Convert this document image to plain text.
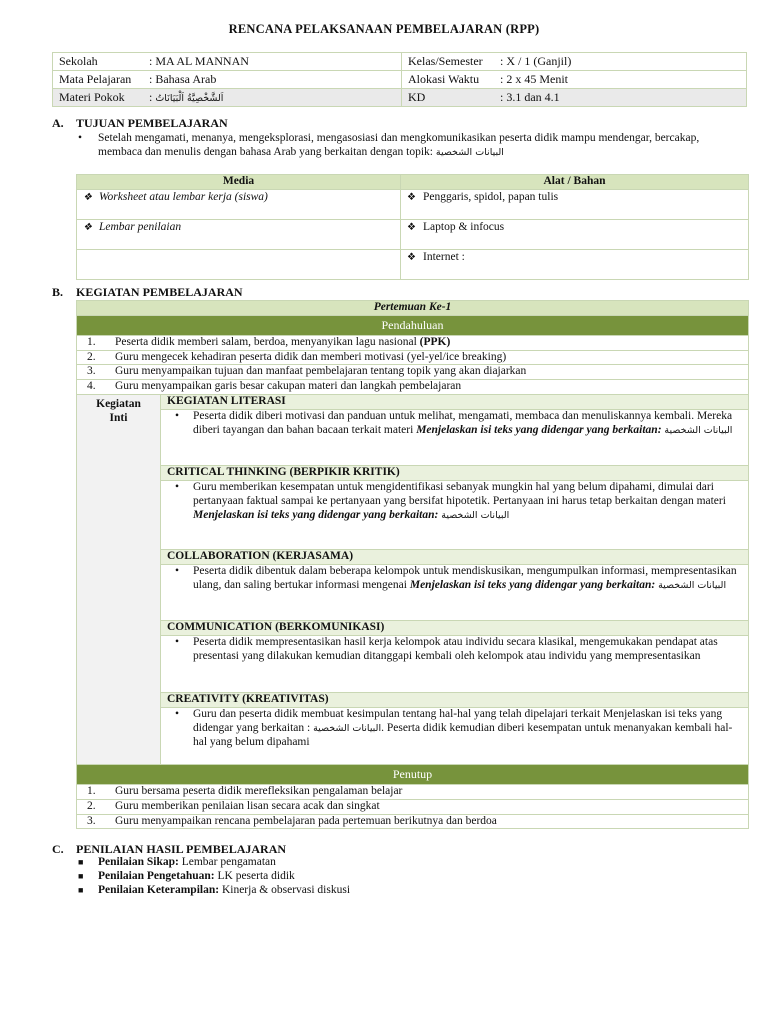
RENCANA PELAKSANAAN PEMBELAJARAN (RPP)
Sekolah : MA AL MANNAN	Kelas/Semester : X / 1 (Ganjil)
Mata Pelajaran : Bahasa Arab	Alokasi Waktu : 2 x 45 Menit
Materi Pokok : اَلشَّخْصِيَّةُ اَلْبَيَانَاتُ	KD : 3.1 dan 4.1
A. TUJUAN PEMBELAJARAN
• Setelah mengamati, menanya, mengeksplorasi, mengasosiasi dan mengkomunikasikan peserta didik mampu mendengar, bercakap, membaca dan menulis dengan bahasa Arab yang berkaitan dengan topik: البيانات الشخصية
Media	Alat / Bahan
❖ Worksheet atau lembar kerja (siswa)	❖ Penggaris, spidol, papan tulis
❖ Lembar penilaian	❖ Laptop & infocus
	❖ Internet :
B. KEGIATAN PEMBELAJARAN
Pertemuan Ke-1
Pendahuluan
1. Peserta didik memberi salam, berdoa, menyanyikan lagu nasional (PPK)
2. Guru mengecek kehadiran peserta didik dan memberi motivasi (yel-yel/ice breaking)
3. Guru menyampaikan tujuan dan manfaat pembelajaran tentang topik yang akan diajarkan
4. Guru menyampaikan garis besar cakupan materi dan langkah pembelajaran
Kegiatan
Inti	KEGIATAN LITERASI

• Peserta didik diberi motivasi dan panduan untuk melihat, mengamati, membaca dan menuliskannya kembali. Mereka diberi tayangan dan bahan bacaan terkait materi Menjelaskan isi teks yang didengar yang berkaitan: البيانات الشخصية

CRITICAL THINKING (BERPIKIR KRITIK)

• Guru memberikan kesempatan untuk mengidentifikasi sebanyak mungkin hal yang belum dipahami, dimulai dari pertanyaan faktual sampai ke pertanyaan yang bersifat hipotetik. Pertanyaan ini harus tetap berkaitan dengan materi Menjelaskan isi teks yang didengar yang berkaitan: البيانات الشخصية

COLLABORATION (KERJASAMA)

• Peserta didik dibentuk dalam beberapa kelompok untuk mendiskusikan, mengumpulkan informasi, mempresentasikan ulang, dan saling bertukar informasi mengenai Menjelaskan isi teks yang didengar yang berkaitan: البيانات الشخصية

COMMUNICATION (BERKOMUNIKASI)

• Peserta didik mempresentasikan hasil kerja kelompok atau individu secara klasikal, mengemukakan pendapat atas presentasi yang dilakukan kemudian ditanggapi kembali oleh kelompok atau individu yang mempresentasikan

CREATIVITY (KREATIVITAS)

• Guru dan peserta didik membuat kesimpulan tentang hal-hal yang telah dipelajari terkait Menjelaskan isi teks yang didengar yang berkaitan : البيانات الشخصية. Peserta didik kemudian diberi kesempatan untuk menanyakan kembali hal-hal yang belum dipahami

Penutup
1. Guru bersama peserta didik merefleksikan pengalaman belajar
2. Guru memberikan penilaian lisan secara acak dan singkat
3. Guru menyampaikan rencana pembelajaran pada pertemuan berikutnya dan berdoa
C. PENILAIAN HASIL PEMBELAJARAN
■ Penilaian Sikap: Lembar pengamatan
■ Penilaian Pengetahuan: LK peserta didik
■ Penilaian Keterampilan: Kinerja & observasi diskusi
